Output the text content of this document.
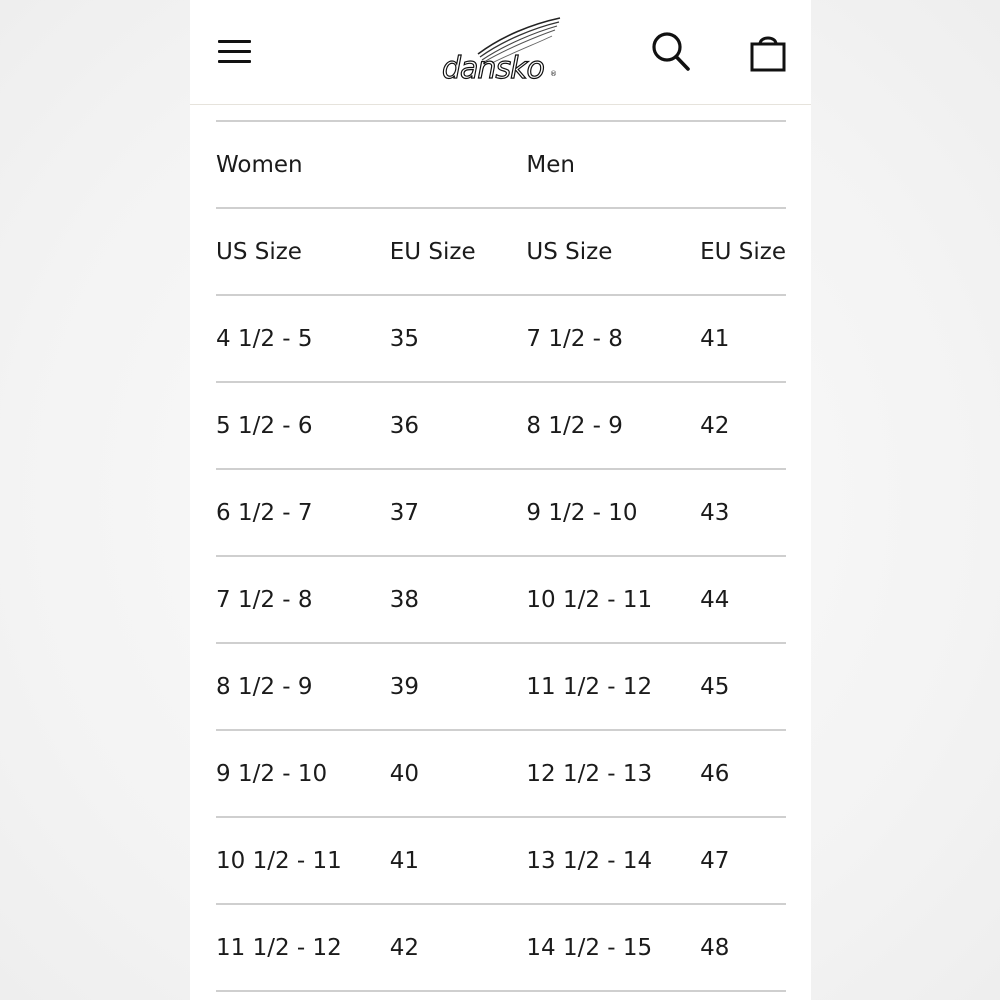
dansko ®
Women		Men	
US Size	EU Size	US Size	EU Size
4 1/2 - 5	35	7 1/2 - 8	41
5 1/2 - 6	36	8 1/2 - 9	42
6 1/2 - 7	37	9 1/2 - 10	43
7 1/2 - 8	38	10 1/2 - 11	44
8 1/2 - 9	39	11 1/2 - 12	45
9 1/2 - 10	40	12 1/2 - 13	46
10 1/2 - 11	41	13 1/2 - 14	47
11 1/2 - 12	42	14 1/2 - 15	48
